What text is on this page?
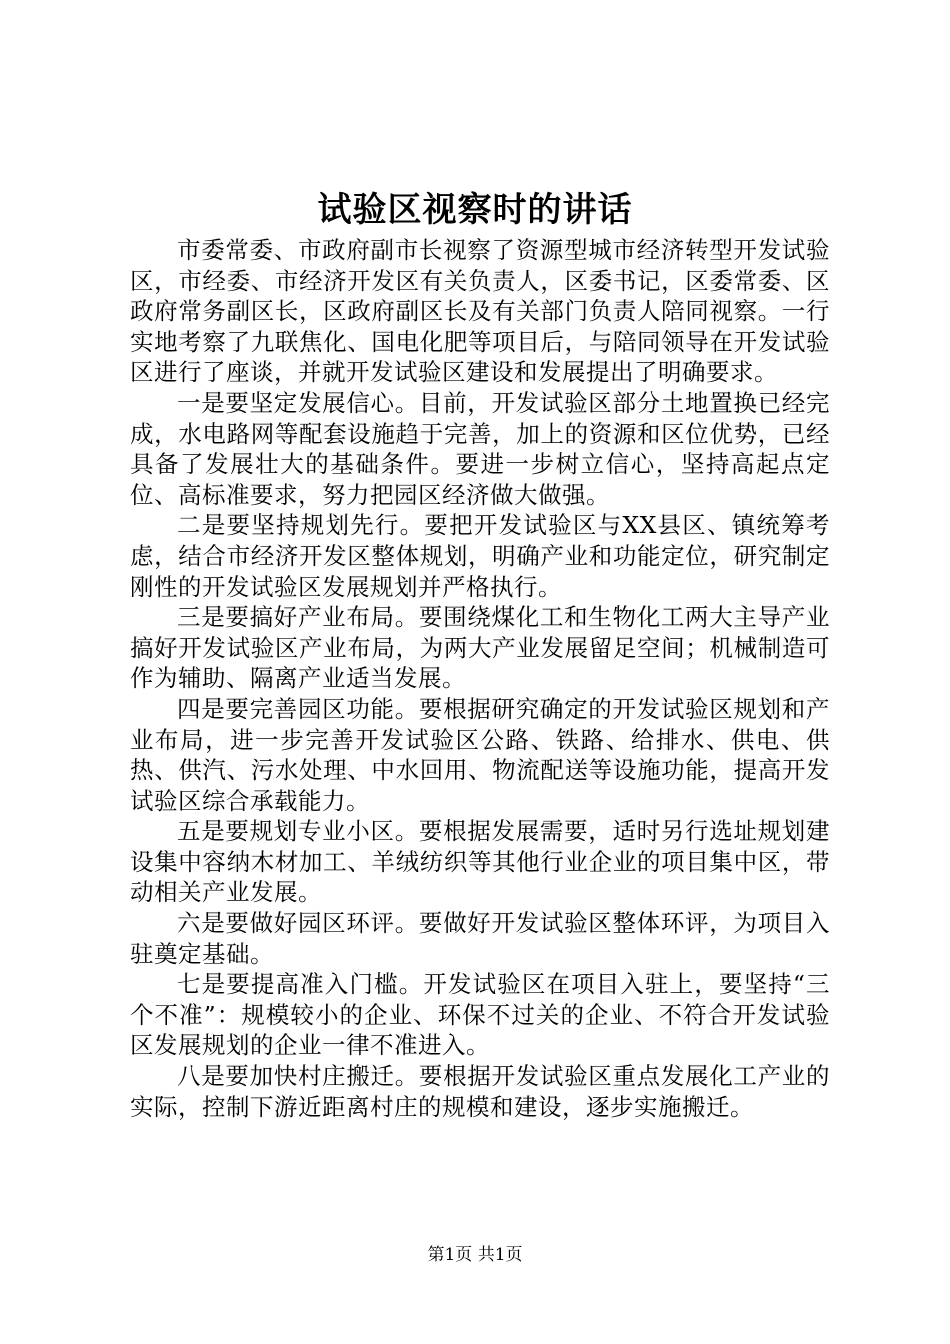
试验区视察时的讲话

市委常委、市政府副市长视察了资源型城市经济转型开发试验区，市经委、市经济开发区有关负责人，区委书记，区委常委、区政府常务副区长，区政府副区长及有关部门负责人陪同视察。一行实地考察了九联焦化、国电化肥等项目后，与陪同领导在开发试验区进行了座谈，并就开发试验区建设和发展提出了明确要求。

一是要坚定发展信心。目前，开发试验区部分土地置换已经完成，水电路网等配套设施趋于完善，加上的资源和区位优势，已经具备了发展壮大的基础条件。要进一步树立信心，坚持高起点定位、高标准要求，努力把园区经济做大做强。

二是要坚持规划先行。要把开发试验区与XX县区、镇统筹考虑，结合市经济开发区整体规划，明确产业和功能定位，研究制定刚性的开发试验区发展规划并严格执行。

三是要搞好产业布局。要围绕煤化工和生物化工两大主导产业搞好开发试验区产业布局，为两大产业发展留足空间；机械制造可作为辅助、隔离产业适当发展。

四是要完善园区功能。要根据研究确定的开发试验区规划和产业布局，进一步完善开发试验区公路、铁路、给排水、供电、供热、供汽、污水处理、中水回用、物流配送等设施功能，提高开发试验区综合承载能力。

五是要规划专业小区。要根据发展需要，适时另行选址规划建设集中容纳木材加工、羊绒纺织等其他行业企业的项目集中区，带动相关产业发展。

六是要做好园区环评。要做好开发试验区整体环评，为项目入驻奠定基础。

七是要提高准入门槛。开发试验区在项目入驻上，要坚持“三个不准”：规模较小的企业、环保不过关的企业、不符合开发试验区发展规划的企业一律不准进入。

八是要加快村庄搬迁。要根据开发试验区重点发展化工产业的实际，控制下游近距离村庄的规模和建设，逐步实施搬迁。

第1页 共1页
